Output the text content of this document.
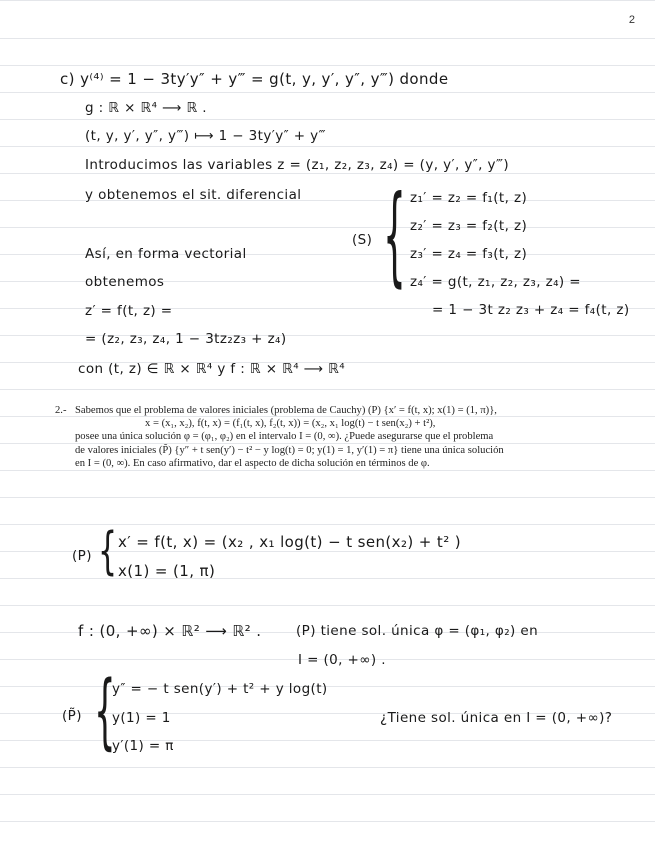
2
c) y⁽⁴⁾ = 1 − 3ty′y″ + y‴ = g(t, y, y′, y″, y‴) donde
g : ℝ × ℝ⁴ ⟶ ℝ .
(t, y, y′, y″, y‴) ⟼ 1 − 3ty′y″ + y‴
Introducimos las variables z = (z₁, z₂, z₃, z₄) = (y, y′, y″, y‴)
y obtenemos el sit. diferencial
(S) { z₁′ = z₂ = f₁(t, z)
z₂′ = z₃ = f₂(t, z)
z₃′ = z₄ = f₃(t, z)
z₄′ = g(t, z₁, z₂, z₃, z₄) =
= 1 − 3t z₂ z₃ + z₄ = f₄(t, z)
Así, en forma vectorial
obtenemos
z′ = f(t, z) =
= (z₂, z₃, z₄, 1 − 3tz₂z₃ + z₄)
con (t, z) ∈ ℝ × ℝ⁴ y f : ℝ × ℝ⁴ ⟶ ℝ⁴
2.- Sabemos que el problema de valores iniciales (problema de Cauchy) (P) {x′ = f(t, x); x(1) = (1, π)},
x = (x₁, x₂), f(t, x) = (f₁(t, x), f₂(t, x)) = (x₂, x₁ log(t) − t sen(x₂) + t²),
posee una única solución φ = (φ₁, φ₂) en el intervalo I = (0, ∞). ¿Puede asegurarse que el problema
de valores iniciales (P̃) {y″ + t sen(y′) − t² − y log(t) = 0; y(1) = 1, y′(1) = π} tiene una única solución
en I = (0, ∞). En caso afirmativo, dar el aspecto de dicha solución en términos de φ.
(P) { x′ = f(t, x) = (x₂ , x₁ log(t) − t sen(x₂) + t² )
x(1) = (1, π)
f : (0, +∞) × ℝ² ⟶ ℝ² .	(P) tiene sol. única φ = (φ₁, φ₂) en
I = (0, +∞) .
(P̃) {
y″ = − t sen(y′) + t² + y log(t)
y(1) = 1
y′(1) = π
¿Tiene sol. única en I = (0, +∞)?
